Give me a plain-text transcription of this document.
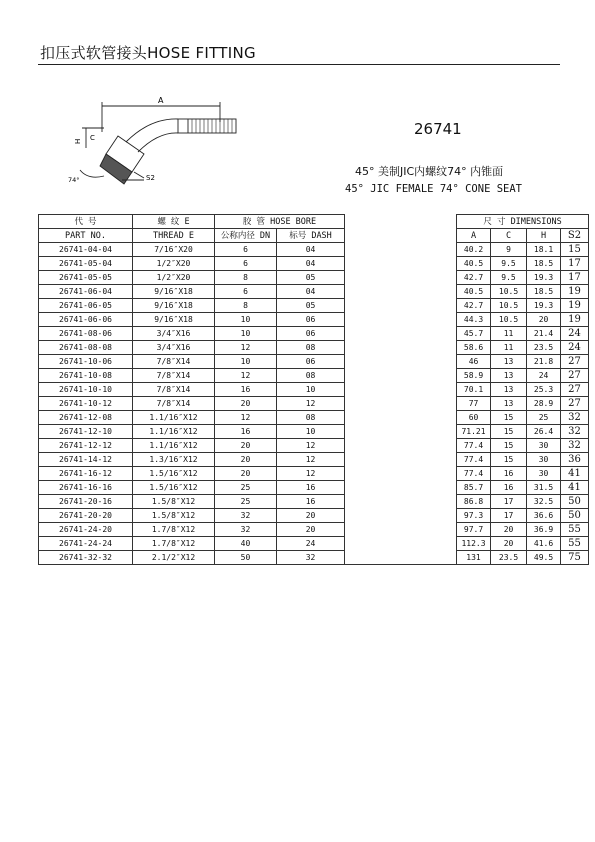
扣压式软管接头HOSE FITTING
A
H C
74°	S2
26741
45° 美制JIC内螺纹74° 内锥面
45° JIC FEMALE 74° CONE SEAT
代 号	螺 纹 E	胶 管 HOSE BORE			尺 寸 DIMENSIONS			
PART NO.	THREAD E	公称内径 DN	标号 DASH		A	C	H	S2
26741-04-04	7/16″X20	6	04		40.2	9	18.1	15
26741-05-04	1/2″X20	6	04		40.5	9.5	18.5	17
26741-05-05	1/2″X20	8	05		42.7	9.5	19.3	17
26741-06-04	9/16″X18	6	04		40.5	10.5	18.5	19
26741-06-05	9/16″X18	8	05		42.7	10.5	19.3	19
26741-06-06	9/16″X18	10	06		44.3	10.5	20	19
26741-08-06	3/4″X16	10	06		45.7	11	21.4	24
26741-08-08	3/4″X16	12	08		58.6	11	23.5	24
26741-10-06	7/8″X14	10	06		46	13	21.8	27
26741-10-08	7/8″X14	12	08		58.9	13	24	27
26741-10-10	7/8″X14	16	10		70.1	13	25.3	27
26741-10-12	7/8″X14	20	12		77	13	28.9	27
26741-12-08	1.1/16″X12	12	08		60	15	25	32
26741-12-10	1.1/16″X12	16	10		71.21	15	26.4	32
26741-12-12	1.1/16″X12	20	12		77.4	15	30	32
26741-14-12	1.3/16″X12	20	12		77.4	15	30	36
26741-16-12	1.5/16″X12	20	12		77.4	16	30	41
26741-16-16	1.5/16″X12	25	16		85.7	16	31.5	41
26741-20-16	1.5/8″X12	25	16		86.8	17	32.5	50
26741-20-20	1.5/8″X12	32	20		97.3	17	36.6	50
26741-24-20	1.7/8″X12	32	20		97.7	20	36.9	55
26741-24-24	1.7/8″X12	40	24		112.3	20	41.6	55
26741-32-32	2.1/2″X12	50	32		131	23.5	49.5	75
